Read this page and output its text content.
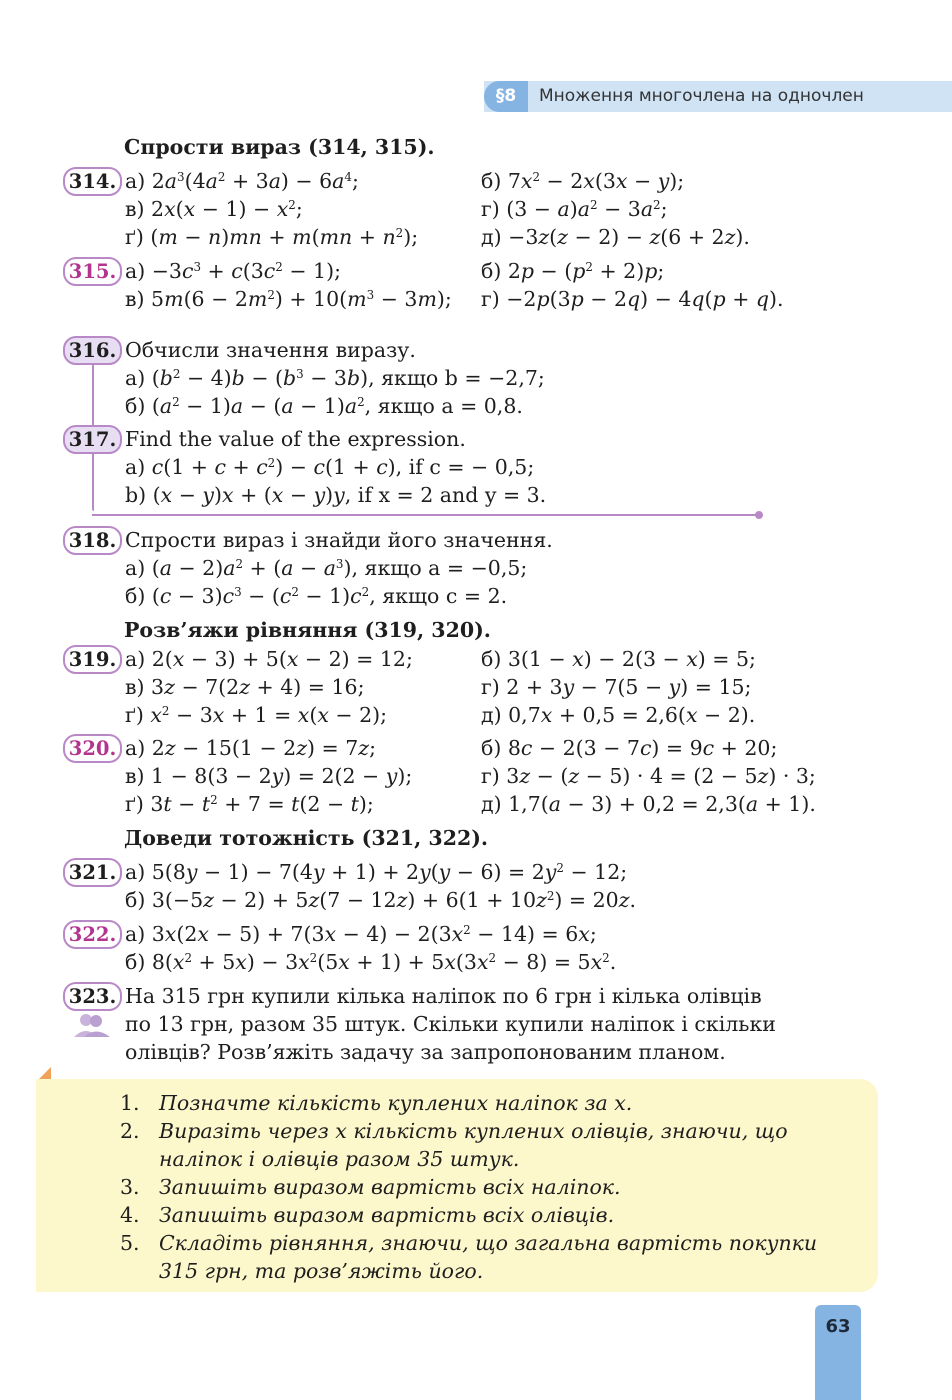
§8	Множення многочлена на одночлен
Спрости вираз (314, 315).
314. а) $2a^3(4a^2 + 3a) - 6a^4$;	б) $7x^2 - 2x(3x - y)$;
в) $2x(x - 1) - x^2$;	г) $(3 - a)a^2 - 3a^2$;
ґ) $(m - n)mn + m(mn + n^2)$;	д) −3z(z − 2) − z(6 + 2z).
315. $а) -3c^3 + c(3c^2 - 1)$;	б) $2p - (p^2 + 2)p$;
в) $5m(6 - 2m^2) + 10(m^3 - 3m)$; г) −2p(3p − 2q) − 4q(p + q).
316. Обчисли значення виразу.
а) $(b^2 - 4)b - (b^3 - 3b)$, якщо b = −2,7;
б) $(a^2 - 1)a - (a - 1)a^2$, якщо a = 0,8.
317. Find the value of the expression.
a) $c(1 + c + c^2) - c(1 + c)$, if c = − 0,5;
b) (x − y)x + (x − y)y, if x = 2 and y = 3.
318. Спрости вираз і знайди його значення.
а) $(a - 2)a^2 + (a - a^3)$, якщо a = −0,5;
б) $(c - 3)c^3 - (c^2 - 1)c^2$, якщо c = 2.
Розв’яжи рівняння (319, 320).
319. а) 2(x − 3) + 5(x − 2) = 12;	б) 3(1 − x) − 2(3 − x) = 5;
в) 3z − 7(2z + 4) = 16;	г) 2 + 3y − 7(5 − y) = 15;
ґ) $x^2 - 3x + 1 = x(x - 2)$;	д) 0,7x + 0,5 = 2,6(x − 2).
320. а) 2z − 15(1 − 2z) = 7z;	б) 8c − 2(3 − 7c) = 9c + 20;
в) 1 − 8(3 − 2y) = 2(2 − y);	г) 3z − (z − 5) · 4 = (2 − 5z) · 3;
ґ) $3t - t^2 + 7 = t(2 - t)$;	д) 1,7(a − 3) + 0,2 = 2,3(a + 1).
Доведи тотожність (321, 322).
321. а) $5(8y - 1) - 7(4y + 1) + 2y(y - 6) = 2y^2 - 12$;
б) $3(-5z - 2) + 5z(7 - 12z) + 6(1 + 10z^2) = 20z$.
322. а) $3x(2x - 5) + 7(3x - 4) - 2(3x^2 - 14) = 6x$;
б) $8(x^2 + 5x) - 3x^2(5x + 1) + 5x(3x^2 - 8) = 5x^2$.
323. На 315 грн купили кілька наліпок по 6 грн і кілька олівців
по 13 грн, разом 35 штук. Скільки купили наліпок і скільки
олівців? Розв’яжіть задачу за запропонованим планом.
1. Позначте кількість куплених наліпок за x.
2. Виразіть через x кількість куплених олівців, знаючи, що
наліпок і олівців разом 35 штук.
3. Запишіть виразом вартість всіх наліпок.
4. Запишіть виразом вартість всіх олівців.
5. Складіть рівняння, знаючи, що загальна вартість покупки
315 грн, та розв’яжіть його.
63
